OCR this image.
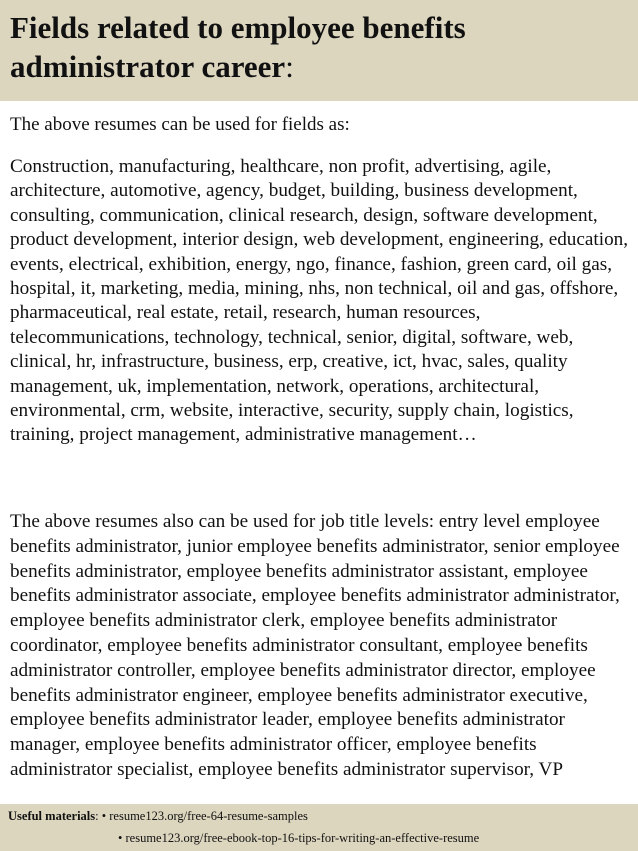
Fields related to employee benefits administrator career:

The above resumes can be used for fields as:

Construction, manufacturing, healthcare, non profit, advertising, agile, architecture, automotive, agency, budget, building, business development, consulting, communication, clinical research, design, software development, product development, interior design, web development, engineering, education, events, electrical, exhibition, energy, ngo, finance, fashion, green card, oil gas, hospital, it, marketing, media, mining, nhs, non technical, oil and gas, offshore, pharmaceutical, real estate, retail, research, human resources, telecommunications, technology, technical, senior, digital, software, web, clinical, hr, infrastructure, business, erp, creative, ict, hvac, sales, quality management, uk, implementation, network, operations, architectural, environmental, crm, website, interactive, security, supply chain, logistics, training, project management, administrative management…

The above resumes also can be used for job title levels: entry level employee benefits administrator, junior employee benefits administrator, senior employee benefits administrator, employee benefits administrator assistant, employee benefits administrator associate, employee benefits administrator administrator, employee benefits administrator clerk, employee benefits administrator coordinator, employee benefits administrator consultant, employee benefits administrator controller, employee benefits administrator director, employee benefits administrator engineer, employee benefits administrator executive, employee benefits administrator leader, employee benefits administrator manager, employee benefits administrator officer, employee benefits administrator specialist, employee benefits administrator supervisor, VP

Useful materials: • resume123.org/free-64-resume-samples
• resume123.org/free-ebook-top-16-tips-for-writing-an-effective-resume
